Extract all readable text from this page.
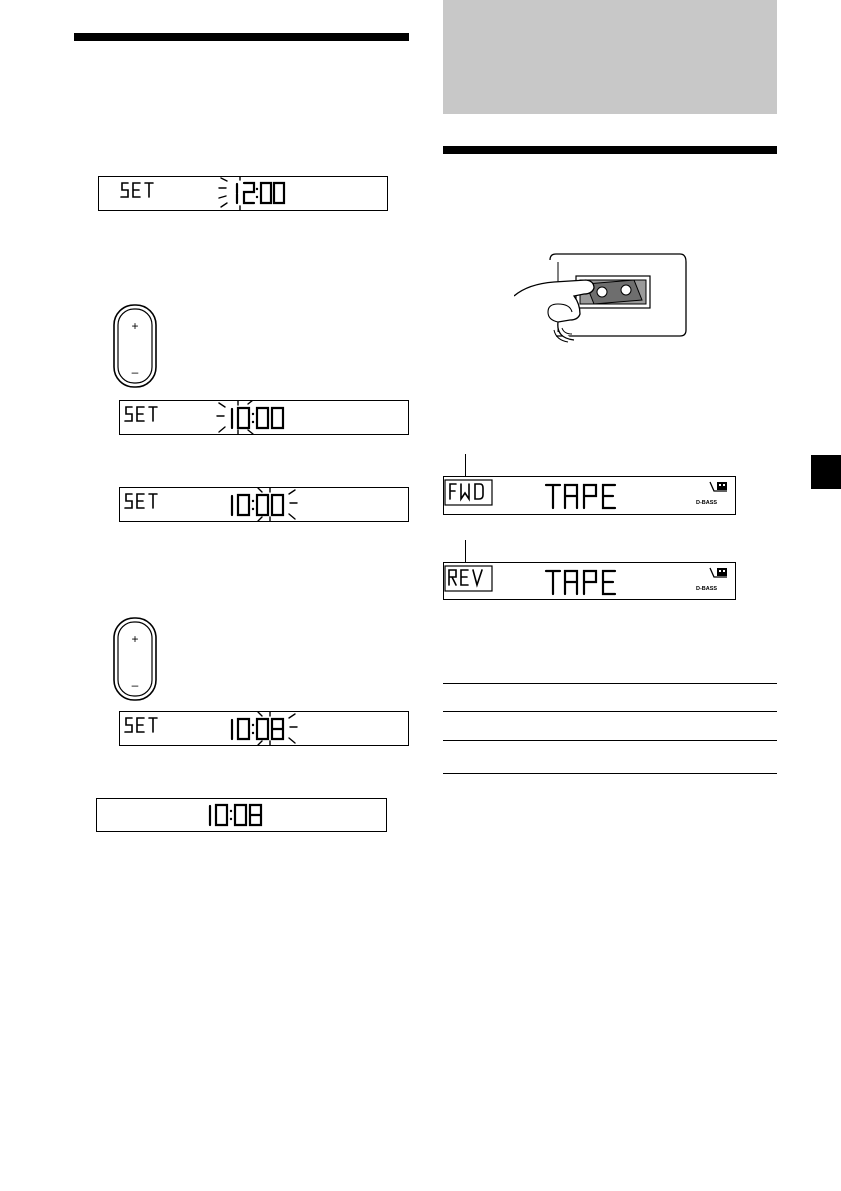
+
–
+
–
D-BASS
D-BASS
